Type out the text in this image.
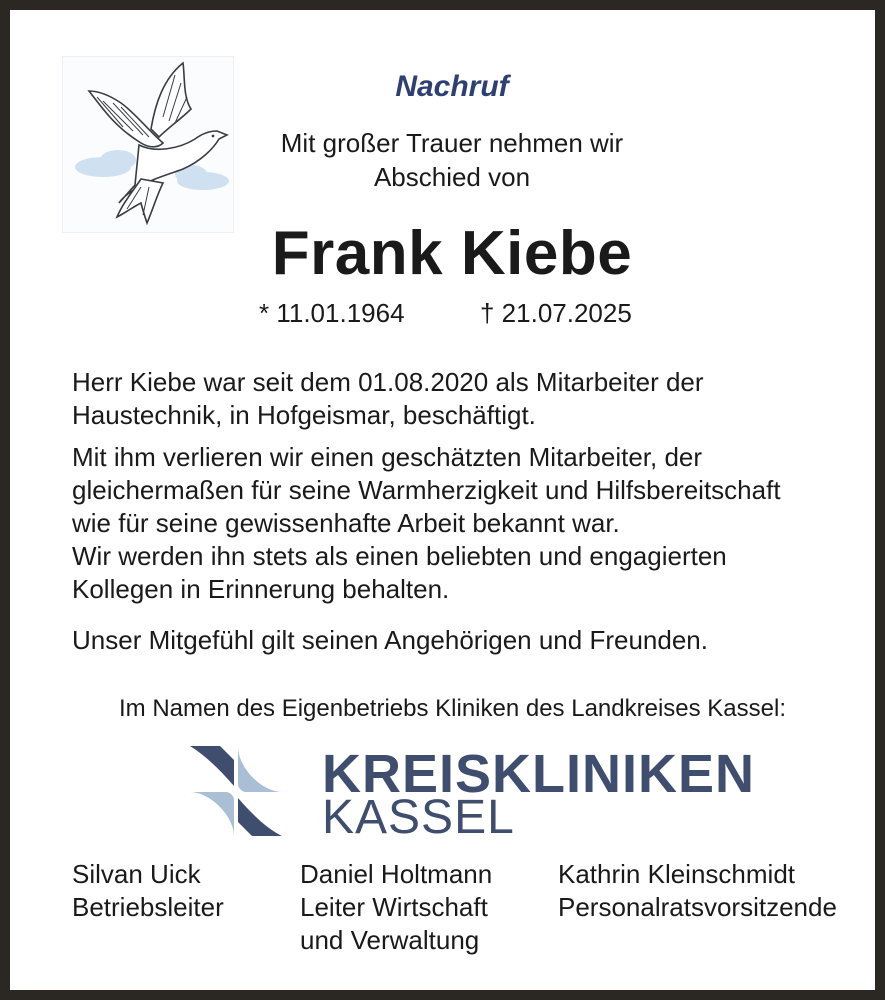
Nachruf

Mit großer Trauer nehmen wir
Abschied von

Frank Kiebe

* 11.01.1964	† 21.07.2025

Herr Kiebe war seit dem 01.08.2020 als Mitarbeiter der
Haustechnik, in Hofgeismar, beschäftigt.

Mit ihm verlieren wir einen geschätzten Mitarbeiter, der
gleichermaßen für seine Warmherzigkeit und Hilfsbereitschaft
wie für seine gewissenhafte Arbeit bekannt war.
Wir werden ihn stets als einen beliebten und engagierten
Kollegen in Erinnerung behalten.

Unser Mitgefühl gilt seinen Angehörigen und Freunden.

Im Namen des Eigenbetriebs Kliniken des Landkreises Kassel:

KREISKLINIKEN
KASSEL
Silvan Uick
Betriebsleiter
Daniel Holtmann
Leiter Wirtschaft
und Verwaltung
Kathrin Kleinschmidt
Personalratsvorsitzende
